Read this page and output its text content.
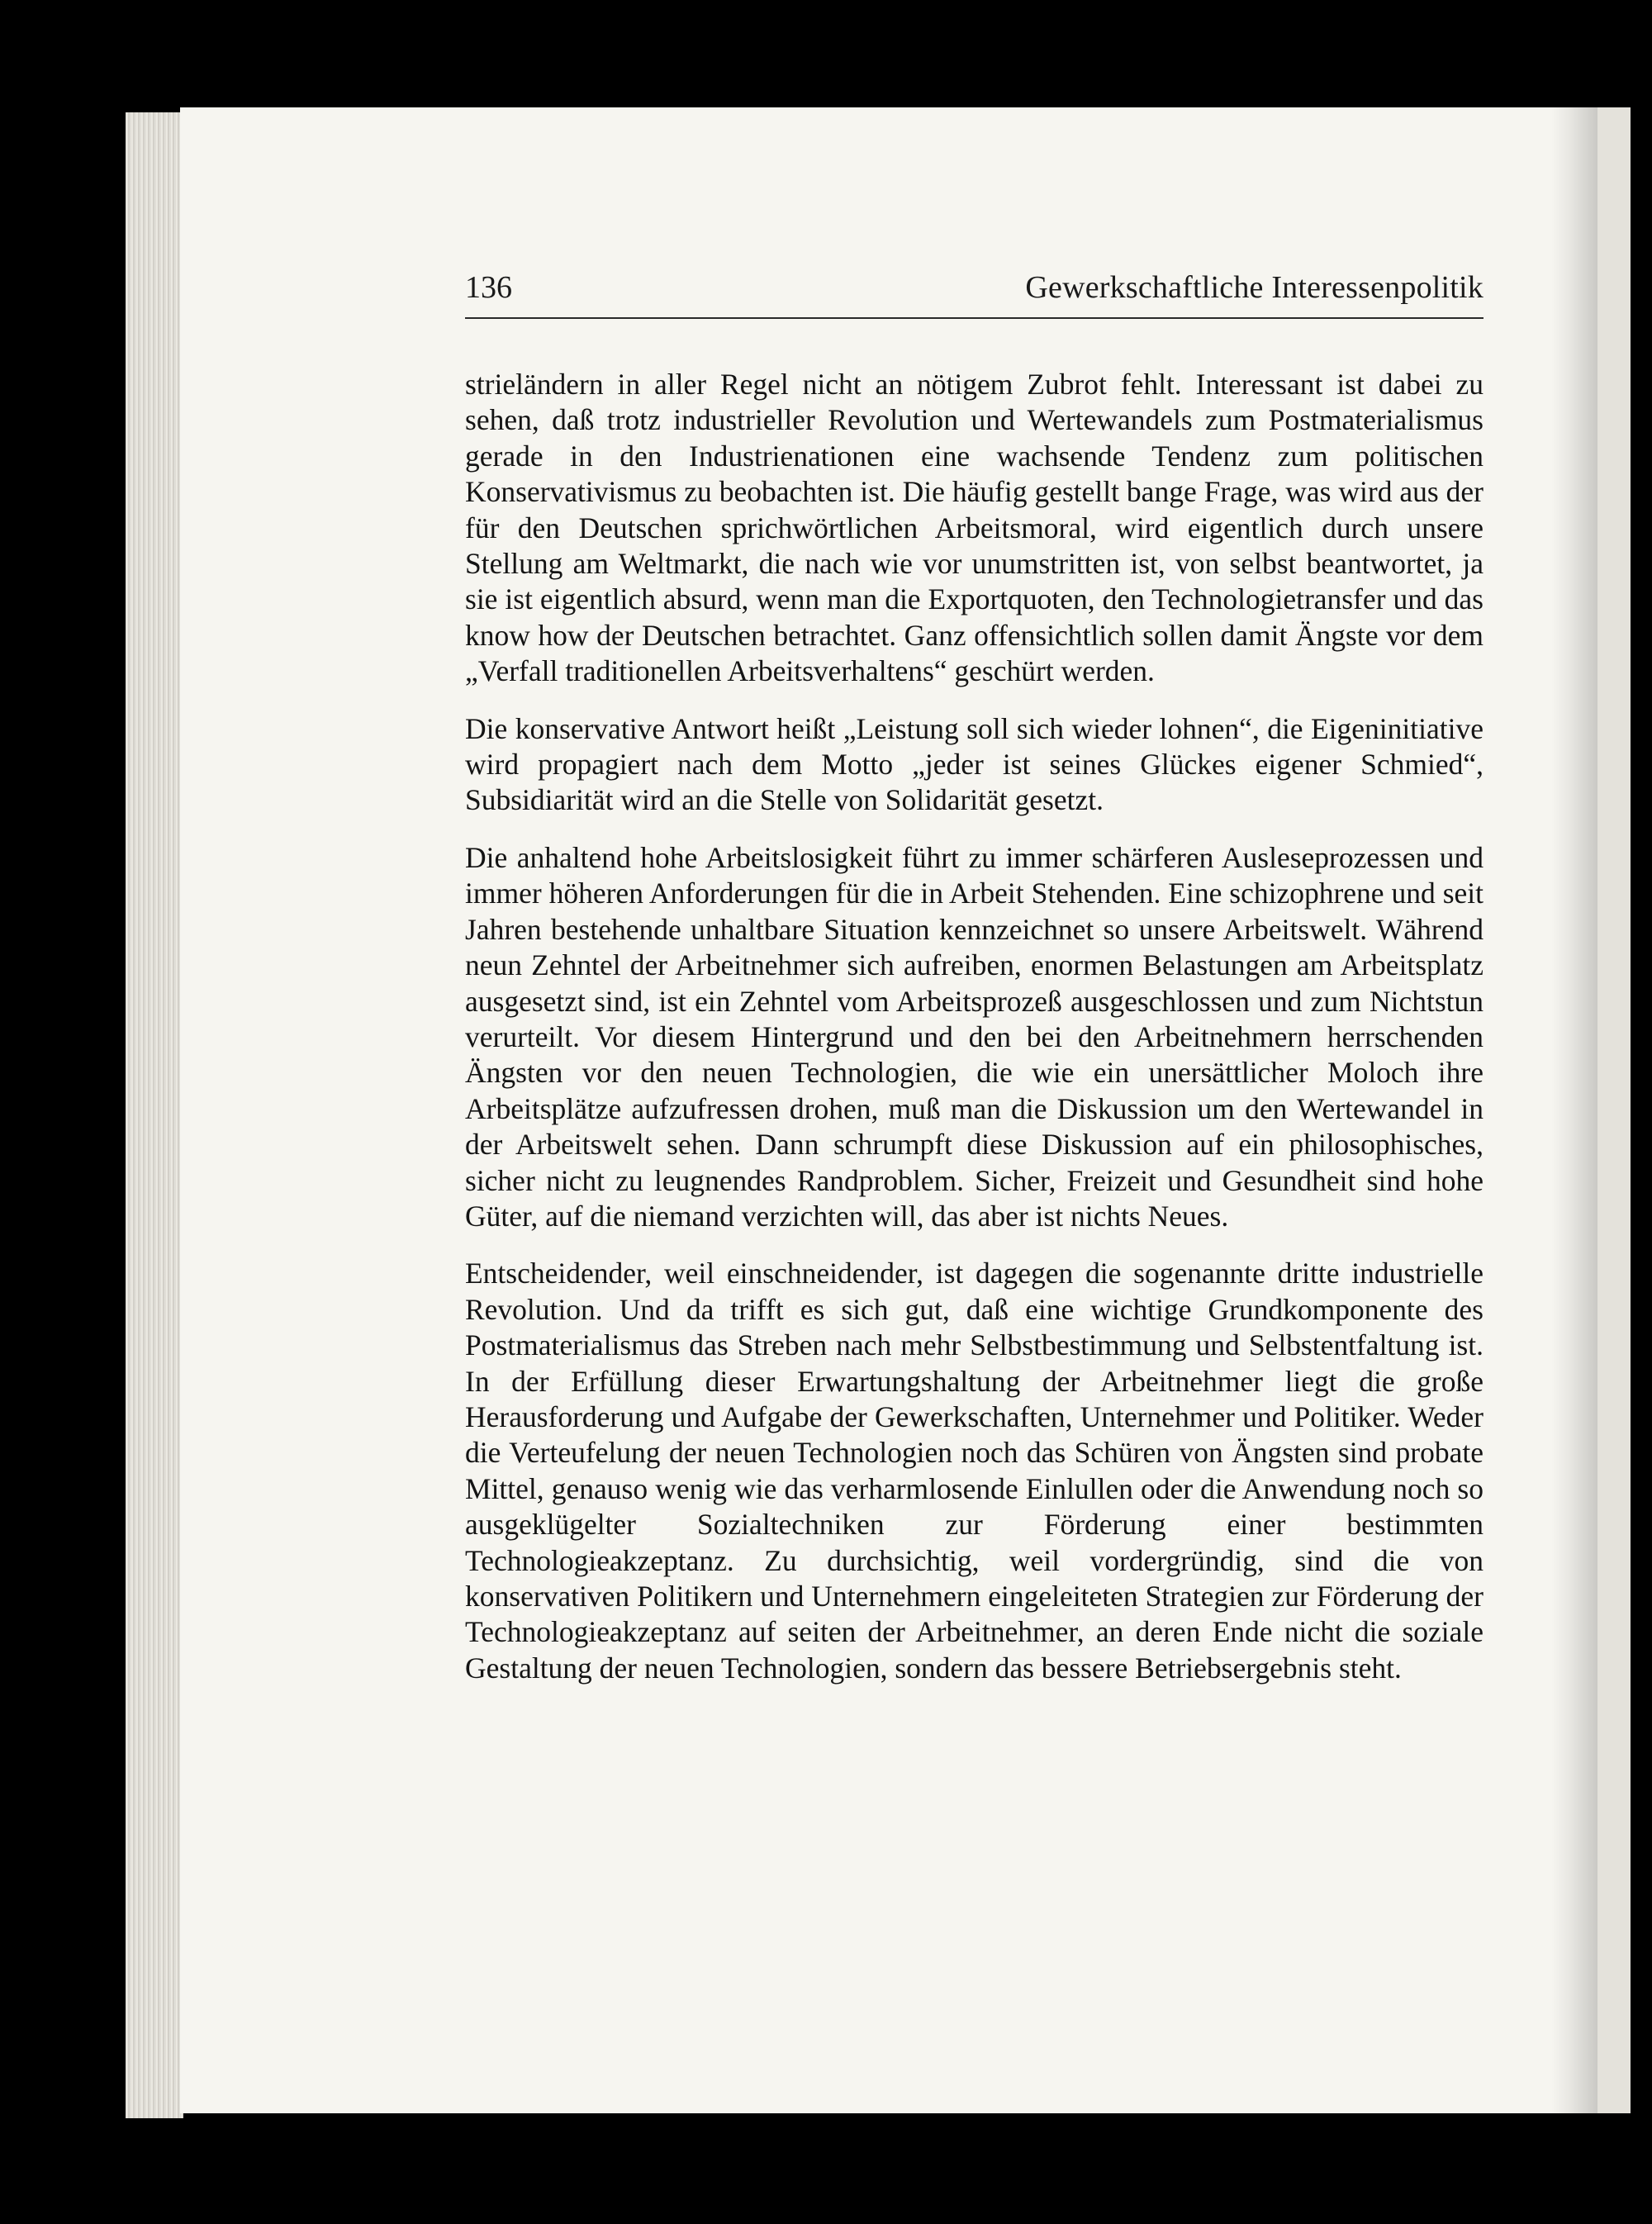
136	Gewerkschaftliche Interessenpolitik

strieländern in aller Regel nicht an nötigem Zubrot fehlt. Interessant ist dabei zu sehen, daß trotz industrieller Revolution und Wertewandels zum Postmaterialismus gerade in den Industrienationen eine wachsende Tendenz zum politischen Konservativismus zu beobachten ist. Die häufig gestellt bange Frage, was wird aus der für den Deutschen sprichwörtlichen Arbeitsmoral, wird eigentlich durch unsere Stellung am Weltmarkt, die nach wie vor unumstritten ist, von selbst beantwortet, ja sie ist eigentlich absurd, wenn man die Exportquoten, den Technologietransfer und das know how der Deutschen betrachtet. Ganz offensichtlich sollen damit Ängste vor dem „Verfall traditionellen Arbeitsverhaltens“ geschürt werden.

Die konservative Antwort heißt „Leistung soll sich wieder lohnen“, die Eigeninitiative wird propagiert nach dem Motto „jeder ist seines Glückes eigener Schmied“, Subsidiarität wird an die Stelle von Solidarität gesetzt.

Die anhaltend hohe Arbeitslosigkeit führt zu immer schärferen Ausleseprozessen und immer höheren Anforderungen für die in Arbeit Stehenden. Eine schizophrene und seit Jahren bestehende unhaltbare Situation kennzeichnet so unsere Arbeitswelt. Während neun Zehntel der Arbeitnehmer sich aufreiben, enormen Belastungen am Arbeitsplatz ausgesetzt sind, ist ein Zehntel vom Arbeitsprozeß ausgeschlossen und zum Nichtstun verurteilt. Vor diesem Hintergrund und den bei den Arbeitnehmern herrschenden Ängsten vor den neuen Technologien, die wie ein unersättlicher Moloch ihre Arbeitsplätze aufzufressen drohen, muß man die Diskussion um den Wertewandel in der Arbeitswelt sehen. Dann schrumpft diese Diskussion auf ein philosophisches, sicher nicht zu leugnendes Randproblem. Sicher, Freizeit und Gesundheit sind hohe Güter, auf die niemand verzichten will, das aber ist nichts Neues.

Entscheidender, weil einschneidender, ist dagegen die sogenannte dritte industrielle Revolution. Und da trifft es sich gut, daß eine wichtige Grundkomponente des Postmaterialismus das Streben nach mehr Selbstbestimmung und Selbstentfaltung ist. In der Erfüllung dieser Erwartungshaltung der Arbeitnehmer liegt die große Herausforderung und Aufgabe der Gewerkschaften, Unternehmer und Politiker. Weder die Verteufelung der neuen Technologien noch das Schüren von Ängsten sind probate Mittel, genauso wenig wie das verharmlosende Einlullen oder die Anwendung noch so ausgeklügelter Sozialtechniken zur Förderung einer bestimmten Technologieakzeptanz. Zu durchsichtig, weil vordergründig, sind die von konservativen Politikern und Unternehmern eingeleiteten Strategien zur Förderung der Technologieakzeptanz auf seiten der Arbeitnehmer, an deren Ende nicht die soziale Gestaltung der neuen Technologien, sondern das bessere Betriebsergebnis steht.
